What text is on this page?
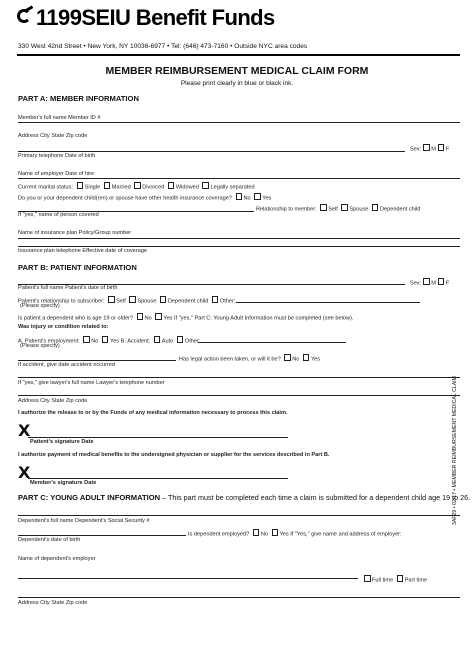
1199SEIU Benefit Funds
330 West 42nd Street • New York, NY 10036-6977 • Tel: (646) 473-7160 • Outside NYC area codes
MEMBER REIMBURSEMENT MEDICAL CLAIM FORM
Please print clearly in blue or black ink.
PART A: MEMBER INFORMATION
Member's full name Member ID #
Address City State Zip code
Sex: M F
Primary telephone Date of birth
Name of employer Date of hire
Current marital status: Single Married Divorced Widowed Legally separated
Do you or your dependent child(ren) or spouse have other health insurance coverage? No Yes
Relationship to member: Self Spouse Dependent child
If "yes," name of person covered
Name of insurance plan Policy/Group number
Insurance plan telephone Effective date of coverage
PART B: PATIENT INFORMATION
Sex: M F
Patient's full name Patient's date of birth
Patient's relationship to subscriber: Self Spouse Dependent child Other:
(Please specify)
Is patient a dependent who is age 19 or older? No Yes If "yes," Part C: Young Adult Information must be completed (see below).
Was injury or condition related to:
A. Patient's employment: No Yes B. Accident: Auto Other:
(Please specify)
Has legal action been taken, or will it be? No Yes
If accident, give date accident occurred
If "yes," give lawyer's full name Lawyer's telephone number
Address City State Zip code
I authorize the release to or by the Funds of any medical information necessary to process this claim.
X
Patient's signature Date
I authorize payment of medical benefits to the undersigned physician or supplier for the services described in Part B.
X
Member's signature Date
PART C: YOUNG ADULT INFORMATION – This part must be completed each time a claim is submitted for a dependent child age 19 to 26.
Dependent's full name Dependent's Social Security #
Is dependent employed? No Yes If "Yes," give name and address of employer:
Dependent's date of birth
Full time Part time
Name of dependent's employer
Address City State Zip code
3AF29 • 02/17 • MEMBER REIMBURSEMENT MEDICAL CLAIM
